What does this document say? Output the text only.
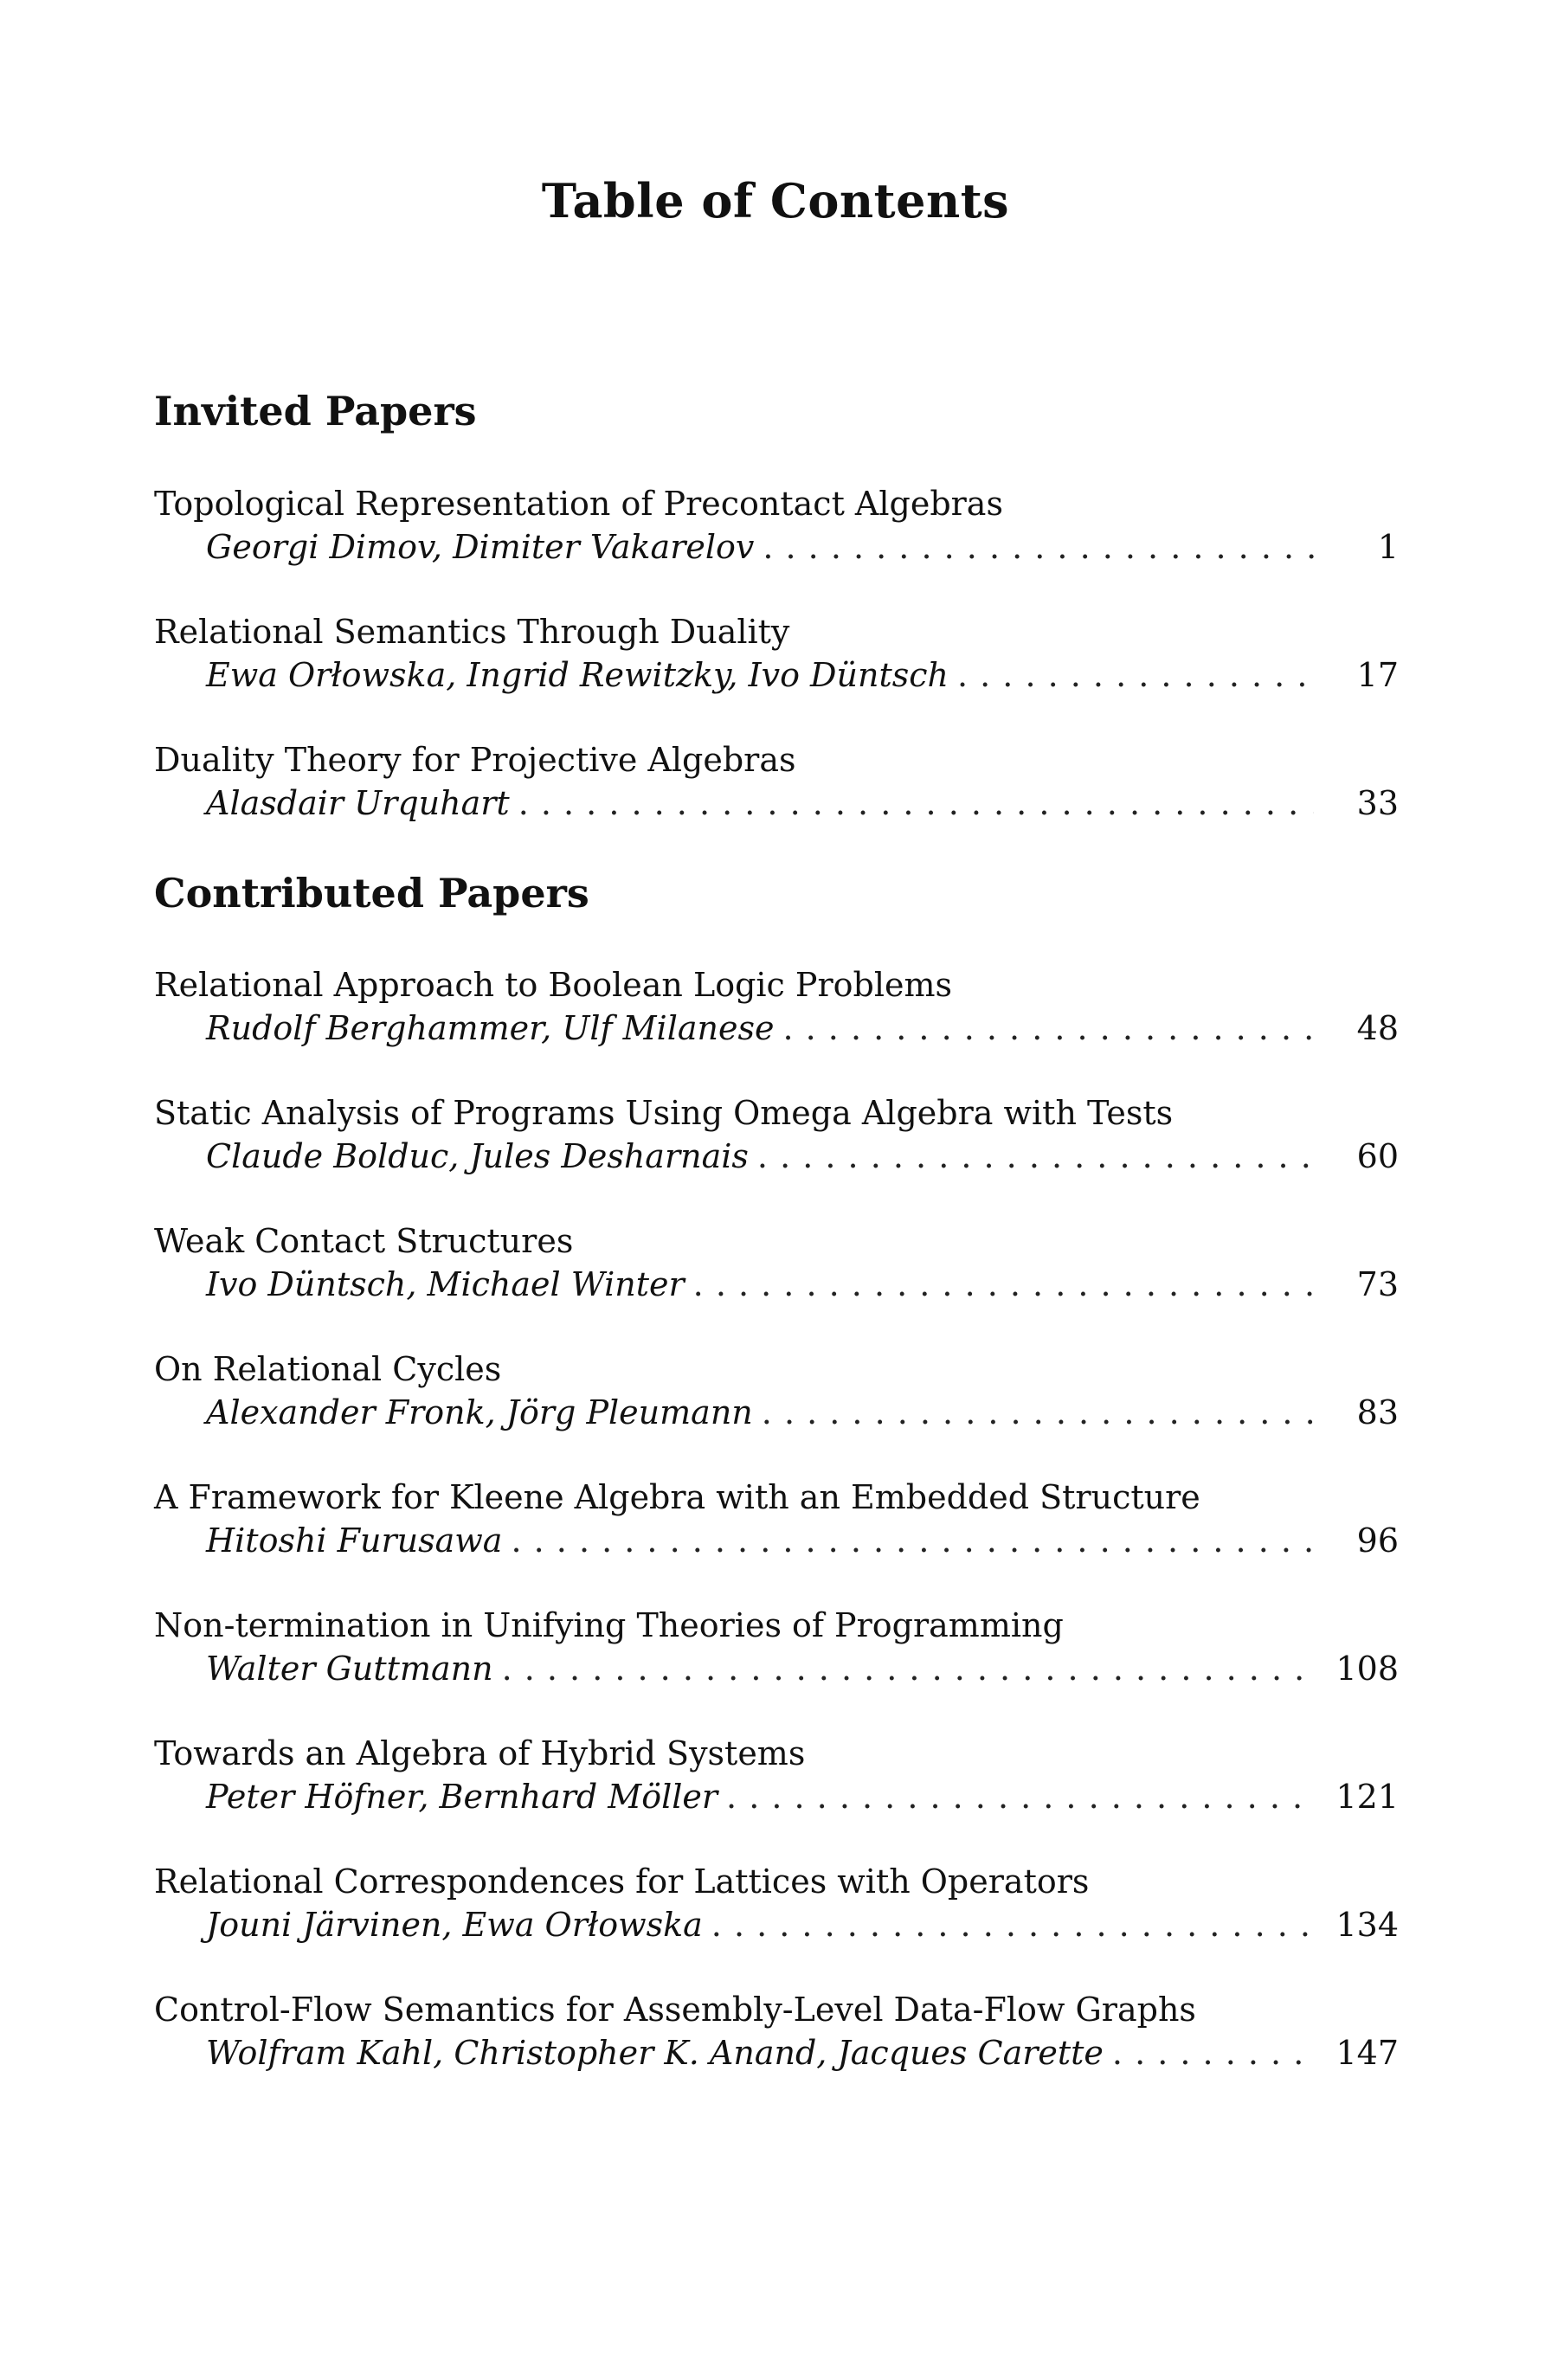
Table of Contents
Invited Papers
Topological Representation of Precontact Algebras
Georgi Dimov, Dimiter Vakarelov . . .	1
Relational Semantics Through Duality
Ewa Orłowska, Ingrid Rewitzky, Ivo Düntsch . . .	17
Duality Theory for Projective Algebras
Alasdair Urquhart . . .	33
Contributed Papers
Relational Approach to Boolean Logic Problems
Rudolf Berghammer, Ulf Milanese . . .	48
Static Analysis of Programs Using Omega Algebra with Tests
Claude Bolduc, Jules Desharnais . . .	60
Weak Contact Structures
Ivo Düntsch, Michael Winter . . .	73
On Relational Cycles
Alexander Fronk, Jörg Pleumann . . .	83
A Framework for Kleene Algebra with an Embedded Structure
Hitoshi Furusawa . . .	96
Non-termination in Unifying Theories of Programming
Walter Guttmann . . .	108
Towards an Algebra of Hybrid Systems
Peter Höfner, Bernhard Möller . . .	121
Relational Correspondences for Lattices with Operators
Jouni Järvinen, Ewa Orłowska . . .	134
Control-Flow Semantics for Assembly-Level Data-Flow Graphs
Wolfram Kahl, Christopher K. Anand, Jacques Carette . . .	147
